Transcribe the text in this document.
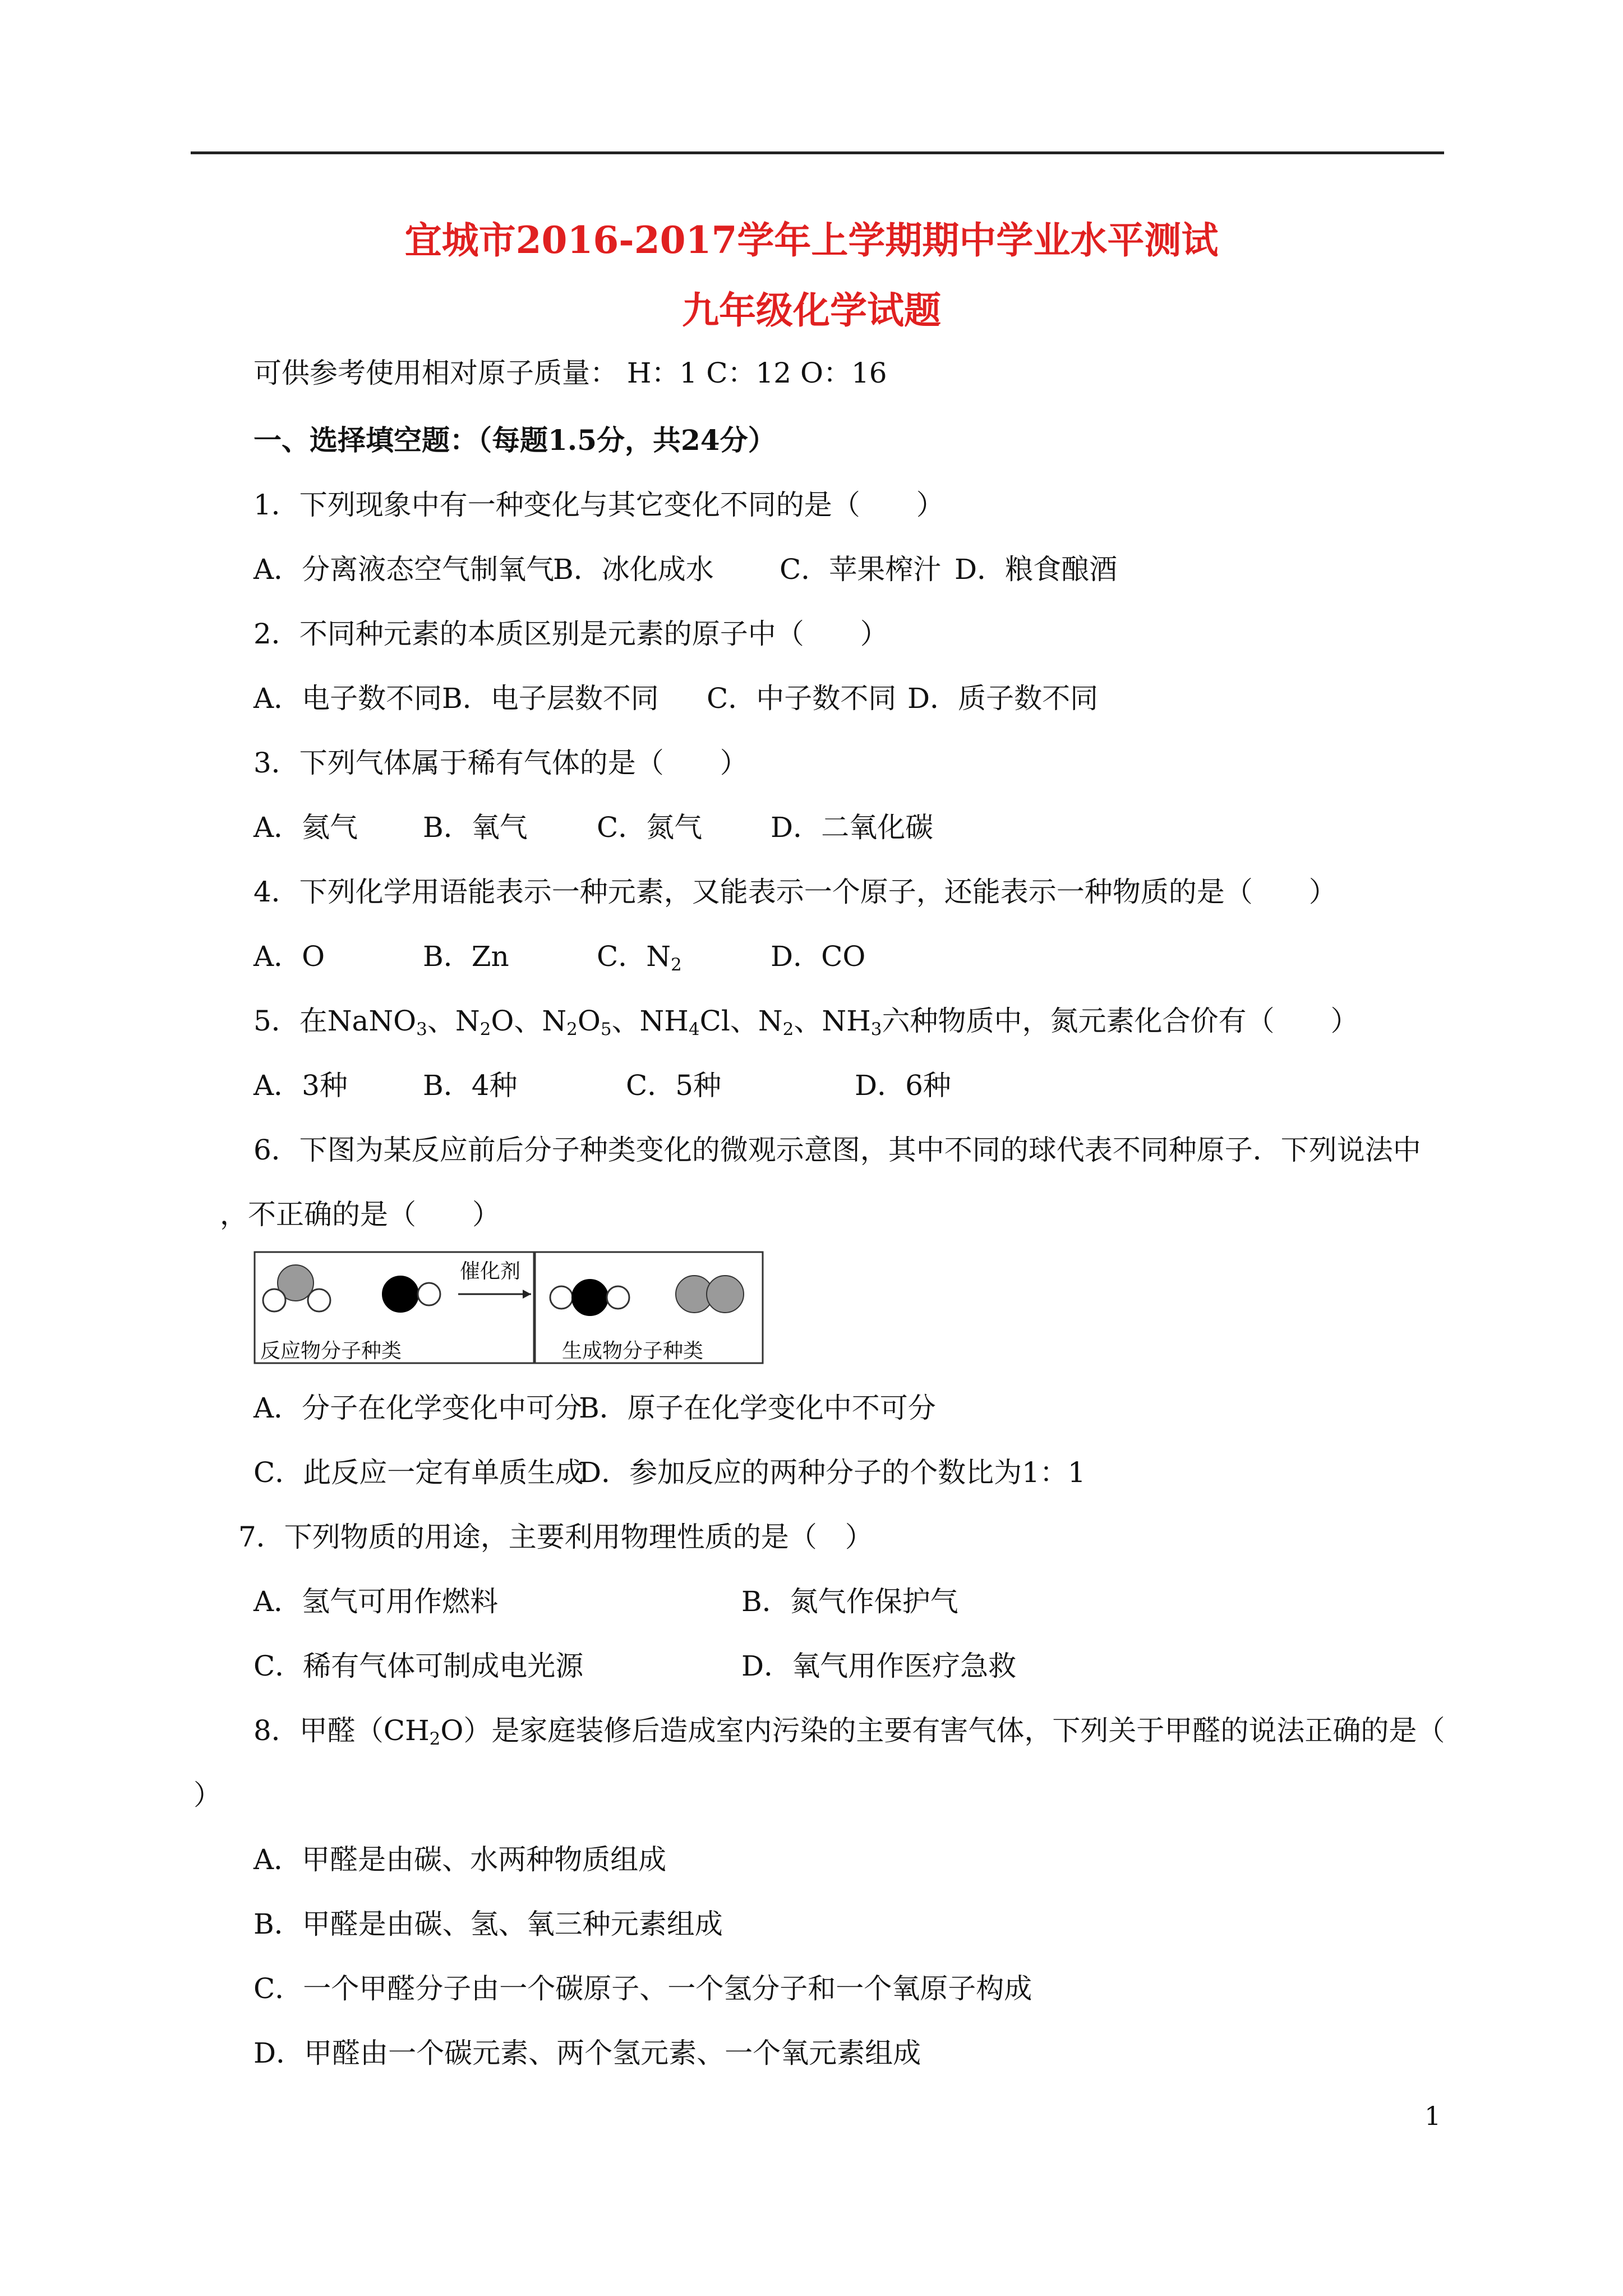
宜城市2016-2017学年上学期期中学业水平测试
九年级化学试题
可供参考使用相对原子质量： H：1 C：12 O：16
一、选择填空题：（每题1.5分，共24分）
1．下列现象中有一种变化与其它变化不同的是（　　）
A．分离液态空气制氧气
B．冰化成水 C．苹果榨汁 D．粮食酿酒
2．不同种元素的本质区别是元素的原子中（　　）
A．电子数不同 B．电子层数不同 C．中子数不同 D．质子数不同
3．下列气体属于稀有气体的是（　　）
A．氦气 B．氧气 C．氮气 D．二氧化碳
4．下列化学用语能表示一种元素，又能表示一个原子，还能表示一种物质的是（　　）
A．O	B．Zn	C．$N_2$	D．CO
5．在NaNO$_3$、$N_2O$、$N_2O_5$、$NH_4Cl$、$N_2$、$NH_3$六种物质中，氮元素化合价有（　　）
A．3种	B．4种	C．5种	D．6种
6．下图为某反应前后分子种类变化的微观示意图，其中不同的球代表不同种原子．下列说法中
，不正确的是（　　）
催化剂
反应物分子种类	生成物分子种类
A．分子在化学变化中可分
B．原子在化学变化中不可分
C．此反应一定有单质生成
D．参加反应的两种分子的个数比为1：1
7．下列物质的用途，主要利用物理性质的是（　）
A．氢气可用作燃料	B．氮气作保护气
C．稀有气体可制成电光源	D．氧气用作医疗急救
8．甲醛$(CH_2O)$是家庭装修后造成室内污染的主要有害气体，下列关于甲醛的说法正确的是（
）
A．甲醛是由碳、水两种物质组成
B．甲醛是由碳、氢、氧三种元素组成
C．一个甲醛分子由一个碳原子、一个氢分子和一个氧原子构成
D．甲醛由一个碳元素、两个氢元素、一个氧元素组成
1
